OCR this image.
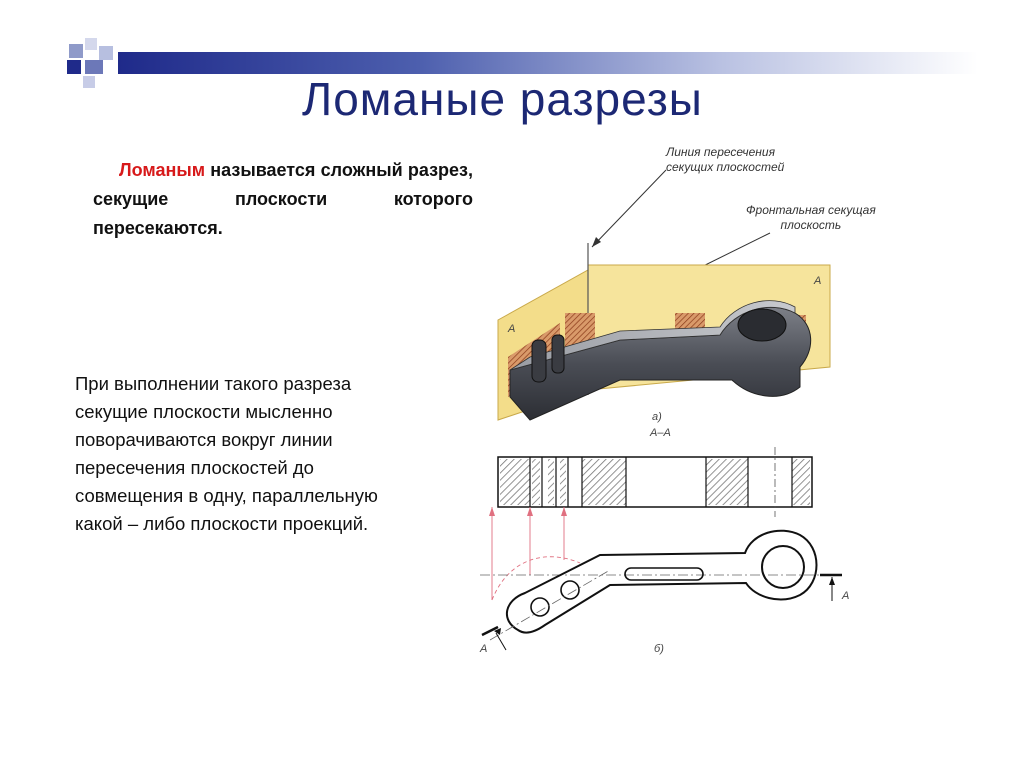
Ломаные разрезы

Ломаным называется сложный разрез, секущие плоскости которого пересекаются.

При выполнении такого разреза
секущие плоскости мысленно
поворачиваются вокруг линии
пересечения плоскостей до
совмещения в одну, параллельную
какой – либо плоскости проекций.

Линия пересечения
секущих плоскостей
Фронтальная секущая
плоскость
А
А
а)
А–А
А
А	б)
